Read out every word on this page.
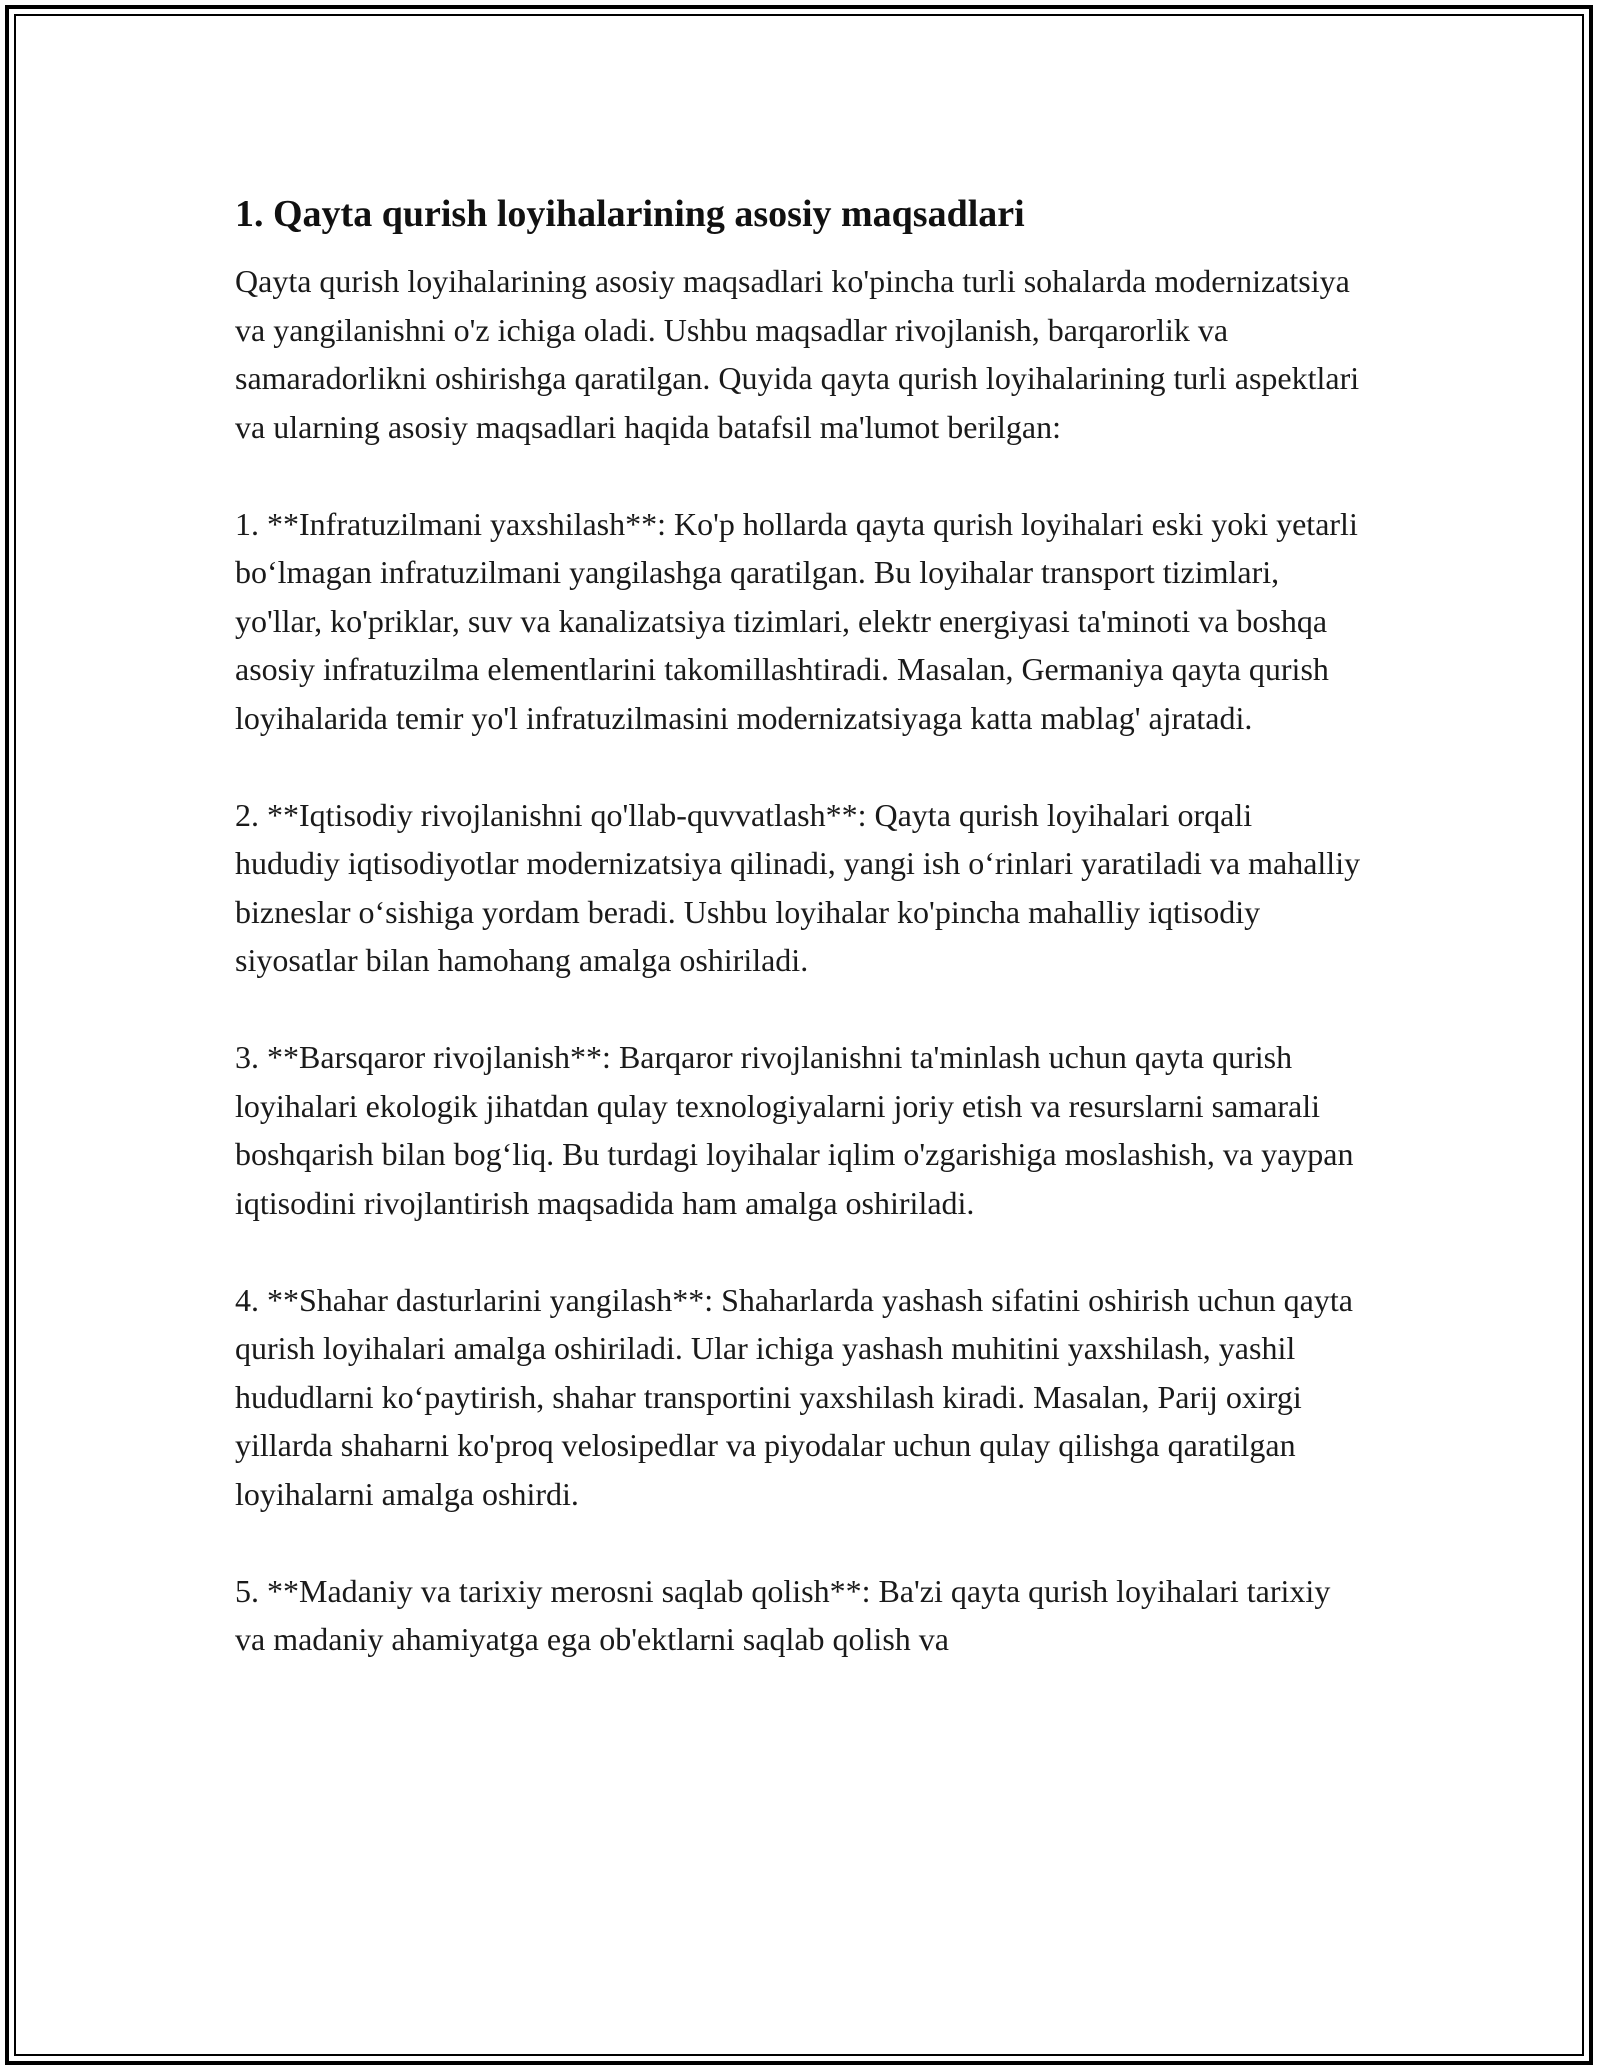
1. Qayta qurish loyihalarining asosiy maqsadlari

Qayta qurish loyihalarining asosiy maqsadlari ko'pincha turli sohalarda modernizatsiya va yangilanishni o'z ichiga oladi. Ushbu maqsadlar rivojlanish, barqarorlik va samaradorlikni oshirishga qaratilgan. Quyida qayta qurish loyihalarining turli aspektlari va ularning asosiy maqsadlari haqida batafsil ma'lumot berilgan:

1. **Infratuzilmani yaxshilash**: Ko'p hollarda qayta qurish loyihalari eski yoki yetarli bo‘lmagan infratuzilmani yangilashga qaratilgan. Bu loyihalar transport tizimlari, yo'llar, ko'priklar, suv va kanalizatsiya tizimlari, elektr energiyasi ta'minoti va boshqa asosiy infratuzilma elementlarini takomillashtiradi. Masalan, Germaniya qayta qurish loyihalarida temir yo'l infratuzilmasini modernizatsiyaga katta mablag' ajratadi.

2. **Iqtisodiy rivojlanishni qo'llab-quvvatlash**: Qayta qurish loyihalari orqali hududiy iqtisodiyotlar modernizatsiya qilinadi, yangi ish o‘rinlari yaratiladi va mahalliy bizneslar o‘sishiga yordam beradi. Ushbu loyihalar ko'pincha mahalliy iqtisodiy siyosatlar bilan hamohang amalga oshiriladi.

3. **Barsqaror rivojlanish**: Barqaror rivojlanishni ta'minlash uchun qayta qurish loyihalari ekologik jihatdan qulay texnologiyalarni joriy etish va resurslarni samarali boshqarish bilan bog‘liq. Bu turdagi loyihalar iqlim o'zgarishiga moslashish, va yaypan iqtisodini rivojlantirish maqsadida ham amalga oshiriladi.

4. **Shahar dasturlarini yangilash**: Shaharlarda yashash sifatini oshirish uchun qayta qurish loyihalari amalga oshiriladi. Ular ichiga yashash muhitini yaxshilash, yashil hududlarni ko‘paytirish, shahar transportini yaxshilash kiradi. Masalan, Parij oxirgi yillarda shaharni ko'proq velosipedlar va piyodalar uchun qulay qilishga qaratilgan loyihalarni amalga oshirdi.

5. **Madaniy va tarixiy merosni saqlab qolish**: Ba'zi qayta qurish loyihalari tarixiy va madaniy ahamiyatga ega ob'ektlarni saqlab qolish va
